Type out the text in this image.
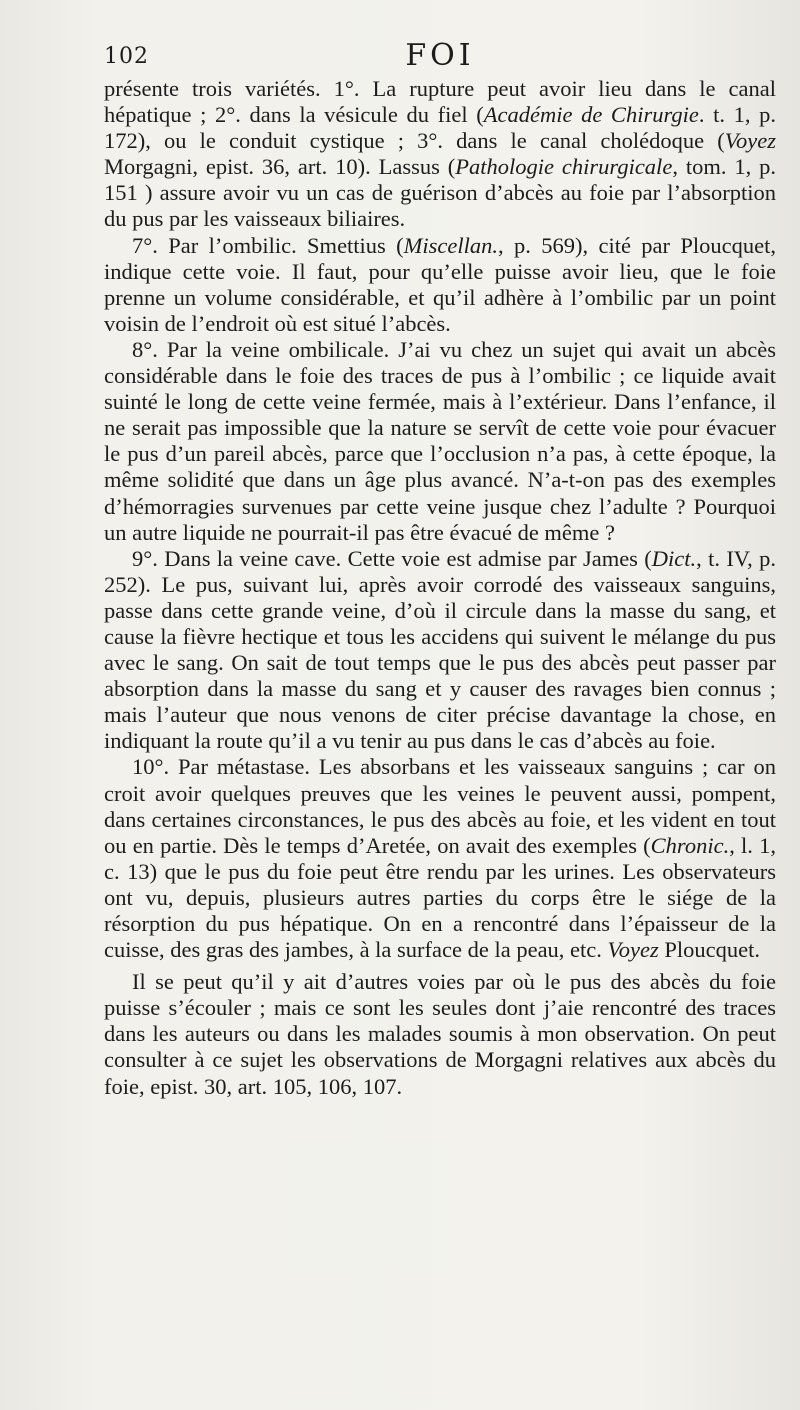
102	FOI

présente trois variétés. 1°. La rupture peut avoir lieu dans le canal hépatique ; 2°. dans la vésicule du fiel (Académie de Chirurgie. t. 1, p. 172), ou le conduit cystique ; 3°. dans le canal cholédoque (Voyez Morgagni, epist. 36, art. 10). Lassus (Pathologie chirurgicale, tom. 1, p. 151 ) assure avoir vu un cas de guérison d’abcès au foie par l’absorption du pus par les vaisseaux biliaires.

7°. Par l’ombilic. Smettius (Miscellan., p. 569), cité par Ploucquet, indique cette voie. Il faut, pour qu’elle puisse avoir lieu, que le foie prenne un volume considérable, et qu’il adhère à l’ombilic par un point voisin de l’endroit où est situé l’abcès.

8°. Par la veine ombilicale. J’ai vu chez un sujet qui avait un abcès considérable dans le foie des traces de pus à l’ombilic ; ce liquide avait suinté le long de cette veine fermée, mais à l’extérieur. Dans l’enfance, il ne serait pas impossible que la nature se servît de cette voie pour évacuer le pus d’un pareil abcès, parce que l’occlusion n’a pas, à cette époque, la même solidité que dans un âge plus avancé. N’a-t-on pas des exemples d’hémorragies survenues par cette veine jusque chez l’adulte ? Pourquoi un autre liquide ne pourrait-il pas être évacué de même ?

9°. Dans la veine cave. Cette voie est admise par James (Dict., t. IV, p. 252). Le pus, suivant lui, après avoir corrodé des vaisseaux sanguins, passe dans cette grande veine, d’où il circule dans la masse du sang, et cause la fièvre hectique et tous les accidens qui suivent le mélange du pus avec le sang. On sait de tout temps que le pus des abcès peut passer par absorption dans la masse du sang et y causer des ravages bien connus ; mais l’auteur que nous venons de citer précise davantage la chose, en indiquant la route qu’il a vu tenir au pus dans le cas d’abcès au foie.

10°. Par métastase. Les absorbans et les vaisseaux sanguins ; car on croit avoir quelques preuves que les veines le peuvent aussi, pompent, dans certaines circonstances, le pus des abcès au foie, et les vident en tout ou en partie. Dès le temps d’Aretée, on avait des exemples (Chronic., l. 1, c. 13) que le pus du foie peut être rendu par les urines. Les observateurs ont vu, depuis, plusieurs autres parties du corps être le siége de la résorption du pus hépatique. On en a rencontré dans l’épaisseur de la cuisse, des gras des jambes, à la surface de la peau, etc. Voyez Ploucquet.

Il se peut qu’il y ait d’autres voies par où le pus des abcès du foie puisse s’écouler ; mais ce sont les seules dont j’aie rencontré des traces dans les auteurs ou dans les malades soumis à mon observation. On peut consulter à ce sujet les observations de Morgagni relatives aux abcès du foie, epist. 30, art. 105, 106, 107.
